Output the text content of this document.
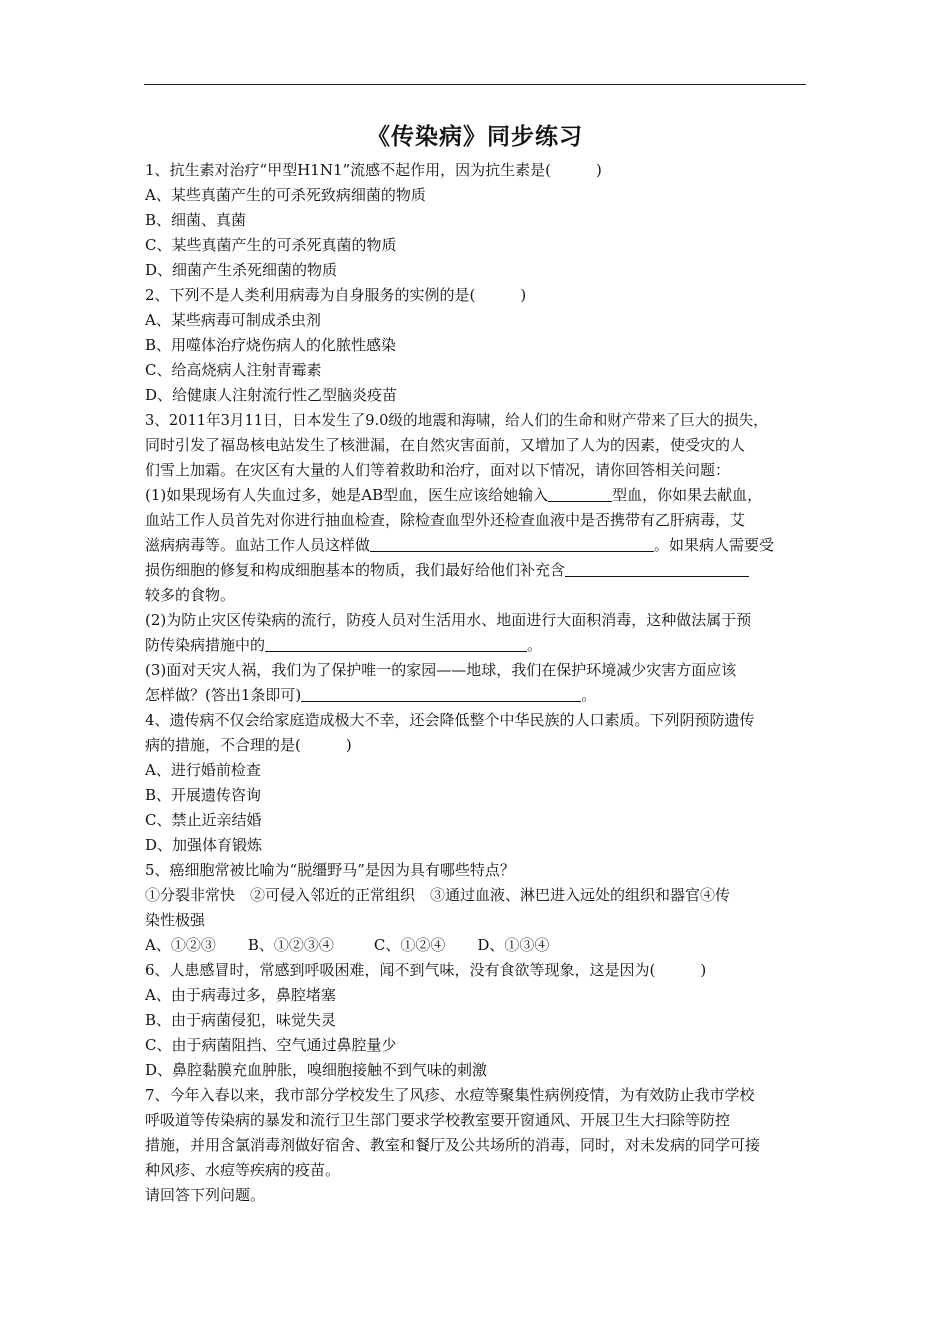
《传染病》同步练习
1、抗生素对治疗“甲型H1N1”流感不起作用，因为抗生素是(　　　)
A、某些真菌产生的可杀死致病细菌的物质
B、细菌、真菌
C、某些真菌产生的可杀死真菌的物质
D、细菌产生杀死细菌的物质
2、下列不是人类利用病毒为自身服务的实例的是(　　　)
A、某些病毒可制成杀虫剂
B、用噬体治疗烧伤病人的化脓性感染
C、给高烧病人注射青霉素
D、给健康人注射流行性乙型脑炎疫苗
3、2011年3月11日，日本发生了9.0级的地震和海啸，给人们的生命和财产带来了巨大的损失，
同时引发了福岛核电站发生了核泄漏，在自然灾害面前，又增加了人为的因素，使受灾的人
们雪上加霜。在灾区有大量的人们等着救助和治疗，面对以下情况，请你回答相关问题：
(1)如果现场有人失血过多，她是AB型血，医生应该给她输入	型血，你如果去献血，
血站工作人员首先对你进行抽血检查，除检查血型外还检查血液中是否携带有乙肝病毒，艾
滋病病毒等。血站工作人员这样做	。如果病人需要受
损伤细胞的修复和构成细胞基本的物质，我们最好给他们补充含
较多的食物。
(2)为防止灾区传染病的流行，防疫人员对生活用水、地面进行大面积消毒，这种做法属于预
防传染病措施中的	。
(3)面对天灾人祸，我们为了保护唯一的家园——地球，我们在保护环境减少灾害方面应该
怎样做？(答出1条即可)	。
4、遗传病不仅会给家庭造成极大不幸，还会降低整个中华民族的人口素质。下列阴预防遗传
病的措施，不合理的是(　　　)
A、进行婚前检查
B、开展遗传咨询
C、禁止近亲结婚
D、加强体育锻炼
5、癌细胞常被比喻为“脱缰野马”是因为具有哪些特点？
①分裂非常快　②可侵入邻近的正常组织　③通过血液、淋巴进入远处的组织和器官④传
染性极强
A、①②③ B、①②③④	C、①②④ D、①③④
6、人患感冒时，常感到呼吸困难，闻不到气味，没有食欲等现象，这是因为(　　　)
A、由于病毒过多，鼻腔堵塞
B、由于病菌侵犯，味觉失灵
C、由于病菌阻挡、空气通过鼻腔量少
D、鼻腔黏膜充血肿胀，嗅细胞接触不到气味的刺激
7、今年入春以来，我市部分学校发生了风疹、水痘等聚集性病例疫情，为有效防止我市学校
呼吸道等传染病的暴发和流行卫生部门要求学校教室要开窗通风、开展卫生大扫除等防控
措施，并用含氯消毒剂做好宿舍、教室和餐厅及公共场所的消毒，同时，对未发病的同学可接
种风疹、水痘等疾病的疫苗。
请回答下列问题。
